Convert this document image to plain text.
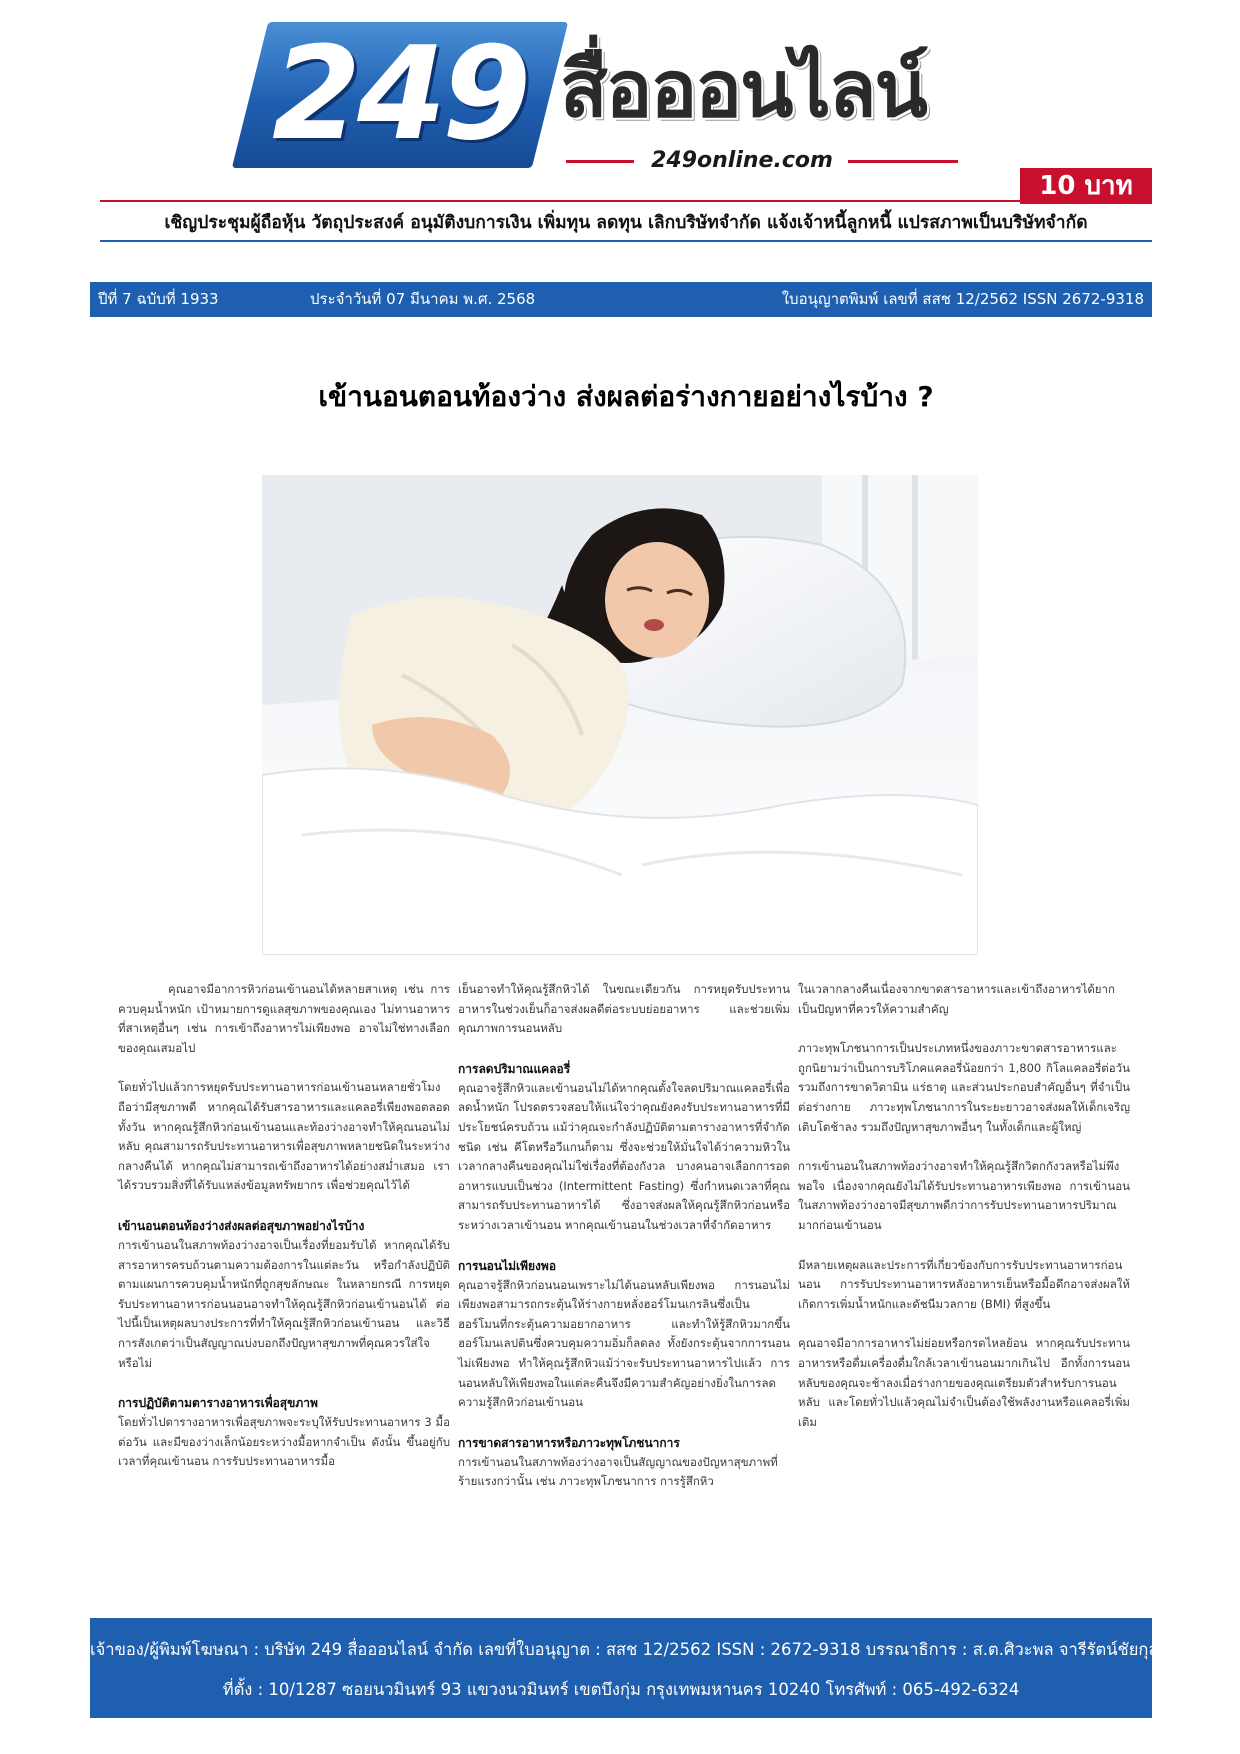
249 สื่อออนไลน์
249online.com
10 บาท
เชิญประชุมผู้ถือหุ้น วัตถุประสงค์ อนุมัติงบการเงิน เพิ่มทุน ลดทุน เลิกบริษัทจำกัด แจ้งเจ้าหนี้ลูกหนี้ แปรสภาพเป็นบริษัทจำกัด
ปีที่ 7 ฉบับที่ 1933	ประจำวันที่ 07 มีนาคม พ.ศ. 2568	ใบอนุญาตพิมพ์ เลขที่ สสช 12/2562 ISSN 2672-9318
เข้านอนตอนท้องว่าง ส่งผลต่อร่างกายอย่างไรบ้าง ?

คุณอาจมีอาการหิวก่อนเข้านอนได้หลายสาเหตุ เช่น การควบคุมน้ำหนัก เป้าหมายการดูแลสุขภาพของคุณเอง ไม่ทานอาหารที่สาเหตุอื่นๆ เช่น การเข้าถึงอาหารไม่เพียงพอ อาจไม่ใช่ทางเลือกของคุณเสมอไป

โดยทั่วไปแล้วการหยุดรับประทานอาหารก่อนเข้านอนหลายชั่วโมงถือว่ามีสุขภาพดี หากคุณได้รับสารอาหารและแคลอรี่เพียงพอตลอดทั้งวัน หากคุณรู้สึกหิวก่อนเข้านอนและท้องว่างอาจทำให้คุณนอนไม่หลับ คุณสามารถรับประทานอาหารเพื่อสุขภาพหลายชนิดในระหว่างกลางคืนได้ หากคุณไม่สามารถเข้าถึงอาหารได้อย่างสม่ำเสมอ เราได้รวบรวมสิ่งที่ได้รับแหล่งข้อมูลทรัพยากร เพื่อช่วยคุณไว้ได้

เข้านอนตอนท้องว่างส่งผลต่อสุขภาพอย่างไรบ้าง

การเข้านอนในสภาพท้องว่างอาจเป็นเรื่องที่ยอมรับได้ หากคุณได้รับสารอาหารครบถ้วนตามความต้องการในแต่ละวัน หรือกำลังปฏิบัติตามแผนการควบคุมน้ำหนักที่ถูกสุขลักษณะ ในหลายกรณี การหยุดรับประทานอาหารก่อนนอนอาจทำให้คุณรู้สึกหิวก่อนเข้านอนได้ ต่อไปนี้เป็นเหตุผลบางประการที่ทำให้คุณรู้สึกหิวก่อนเข้านอน และวิธีการสังเกตว่าเป็นสัญญาณบ่งบอกถึงปัญหาสุขภาพที่คุณควรใส่ใจหรือไม่

การปฏิบัติตามตารางอาหารเพื่อสุขภาพ

โดยทั่วไปตารางอาหารเพื่อสุขภาพจะระบุให้รับประทานอาหาร 3 มื้อต่อวัน และมีของว่างเล็กน้อยระหว่างมื้อหากจำเป็น ดังนั้น ขึ้นอยู่กับเวลาที่คุณเข้านอน การรับประทานอาหารมื้อ

เย็นอาจทำให้คุณรู้สึกหิวได้ ในขณะเดียวกัน การหยุดรับประทานอาหารในช่วงเย็นก็อาจส่งผลดีต่อระบบย่อยอาหาร และช่วยเพิ่มคุณภาพการนอนหลับ

การลดปริมาณแคลอรี่

คุณอาจรู้สึกหิวและเข้านอนไม่ได้หากคุณตั้งใจลดปริมาณแคลอรี่เพื่อลดน้ำหนัก โปรดตรวจสอบให้แน่ใจว่าคุณยังคงรับประทานอาหารที่มีประโยชน์ครบถ้วน แม้ว่าคุณจะกำลังปฏิบัติตามตารางอาหารที่จำกัดชนิด เช่น คีโตหรือวีแกนก็ตาม ซึ่งจะช่วยให้มั่นใจได้ว่าความหิวในเวลากลางคืนของคุณไม่ใช่เรื่องที่ต้องกังวล บางคนอาจเลือกการอดอาหารแบบเป็นช่วง (Intermittent Fasting) ซึ่งกำหนดเวลาที่คุณสามารถรับประทานอาหารได้ ซึ่งอาจส่งผลให้คุณรู้สึกหิวก่อนหรือระหว่างเวลาเข้านอน หากคุณเข้านอนในช่วงเวลาที่จำกัดอาหาร

การนอนไม่เพียงพอ

คุณอาจรู้สึกหิวก่อนนอนเพราะไม่ได้นอนหลับเพียงพอ การนอนไม่เพียงพอสามารถกระตุ้นให้ร่างกายหลั่งฮอร์โมนเกรลินซึ่งเป็นฮอร์โมนที่กระตุ้นความอยากอาหาร และทำให้รู้สึกหิวมากขึ้น ฮอร์โมนเลปตินซึ่งควบคุมความอิ่มก็ลดลง ทั้งยังกระตุ้นจากการนอนไม่เพียงพอ ทำให้คุณรู้สึกหิวแม้ว่าจะรับประทานอาหารไปแล้ว การนอนหลับให้เพียงพอในแต่ละคืนจึงมีความสำคัญอย่างยิ่งในการลดความรู้สึกหิวก่อนเข้านอน

การขาดสารอาหารหรือภาวะทุพโภชนาการ

การเข้านอนในสภาพท้องว่างอาจเป็นสัญญาณของปัญหาสุขภาพที่ร้ายแรงกว่านั้น เช่น ภาวะทุพโภชนาการ การรู้สึกหิว

ในเวลากลางคืนเนื่องจากขาดสารอาหารและเข้าถึงอาหารได้ยาก เป็นปัญหาที่ควรให้ความสำคัญ

ภาวะทุพโภชนาการเป็นประเภทหนึ่งของภาวะขาดสารอาหารและถูกนิยามว่าเป็นการบริโภคแคลอรี่น้อยกว่า 1,800 กิโลแคลอรี่ต่อวัน รวมถึงการขาดวิตามิน แร่ธาตุ และส่วนประกอบสำคัญอื่นๆ ที่จำเป็นต่อร่างกาย ภาวะทุพโภชนาการในระยะยาวอาจส่งผลให้เด็กเจริญเติบโตช้าลง รวมถึงปัญหาสุขภาพอื่นๆ ในทั้งเด็กและผู้ใหญ่

การเข้านอนในสภาพท้องว่างอาจทำให้คุณรู้สึกวิตกกังวลหรือไม่พึงพอใจ เนื่องจากคุณยังไม่ได้รับประทานอาหารเพียงพอ การเข้านอนในสภาพท้องว่างอาจมีสุขภาพดีกว่าการรับประทานอาหารปริมาณมากก่อนเข้านอน

มีหลายเหตุผลและประการที่เกี่ยวข้องกับการรับประทานอาหารก่อนนอน การรับประทานอาหารหลังอาหารเย็นหรือมื้อดึกอาจส่งผลให้เกิดการเพิ่มน้ำหนักและดัชนีมวลกาย (BMI) ที่สูงขึ้น

คุณอาจมีอาการอาหารไม่ย่อยหรือกรดไหลย้อน หากคุณรับประทานอาหารหรือดื่มเครื่องดื่มใกล้เวลาเข้านอนมากเกินไป อีกทั้งการนอนหลับของคุณจะช้าลงเมื่อร่างกายของคุณเตรียมตัวสำหรับการนอนหลับ และโดยทั่วไปแล้วคุณไม่จำเป็นต้องใช้พลังงานหรือแคลอรี่เพิ่มเติม

เจ้าของ/ผู้พิมพ์โฆษณา : บริษัท 249 สื่อออนไลน์ จำกัด เลขที่ใบอนุญาต : สสช 12/2562 ISSN : 2672-9318 บรรณาธิการ : ส.ต.ศิวะพล จารีรัตน์ชัยกุล
ที่ตั้ง : 10/1287 ซอยนวมินทร์ 93 แขวงนวมินทร์ เขตบึงกุ่ม กรุงเทพมหานคร 10240 โทรศัพท์ : 065-492-6324
